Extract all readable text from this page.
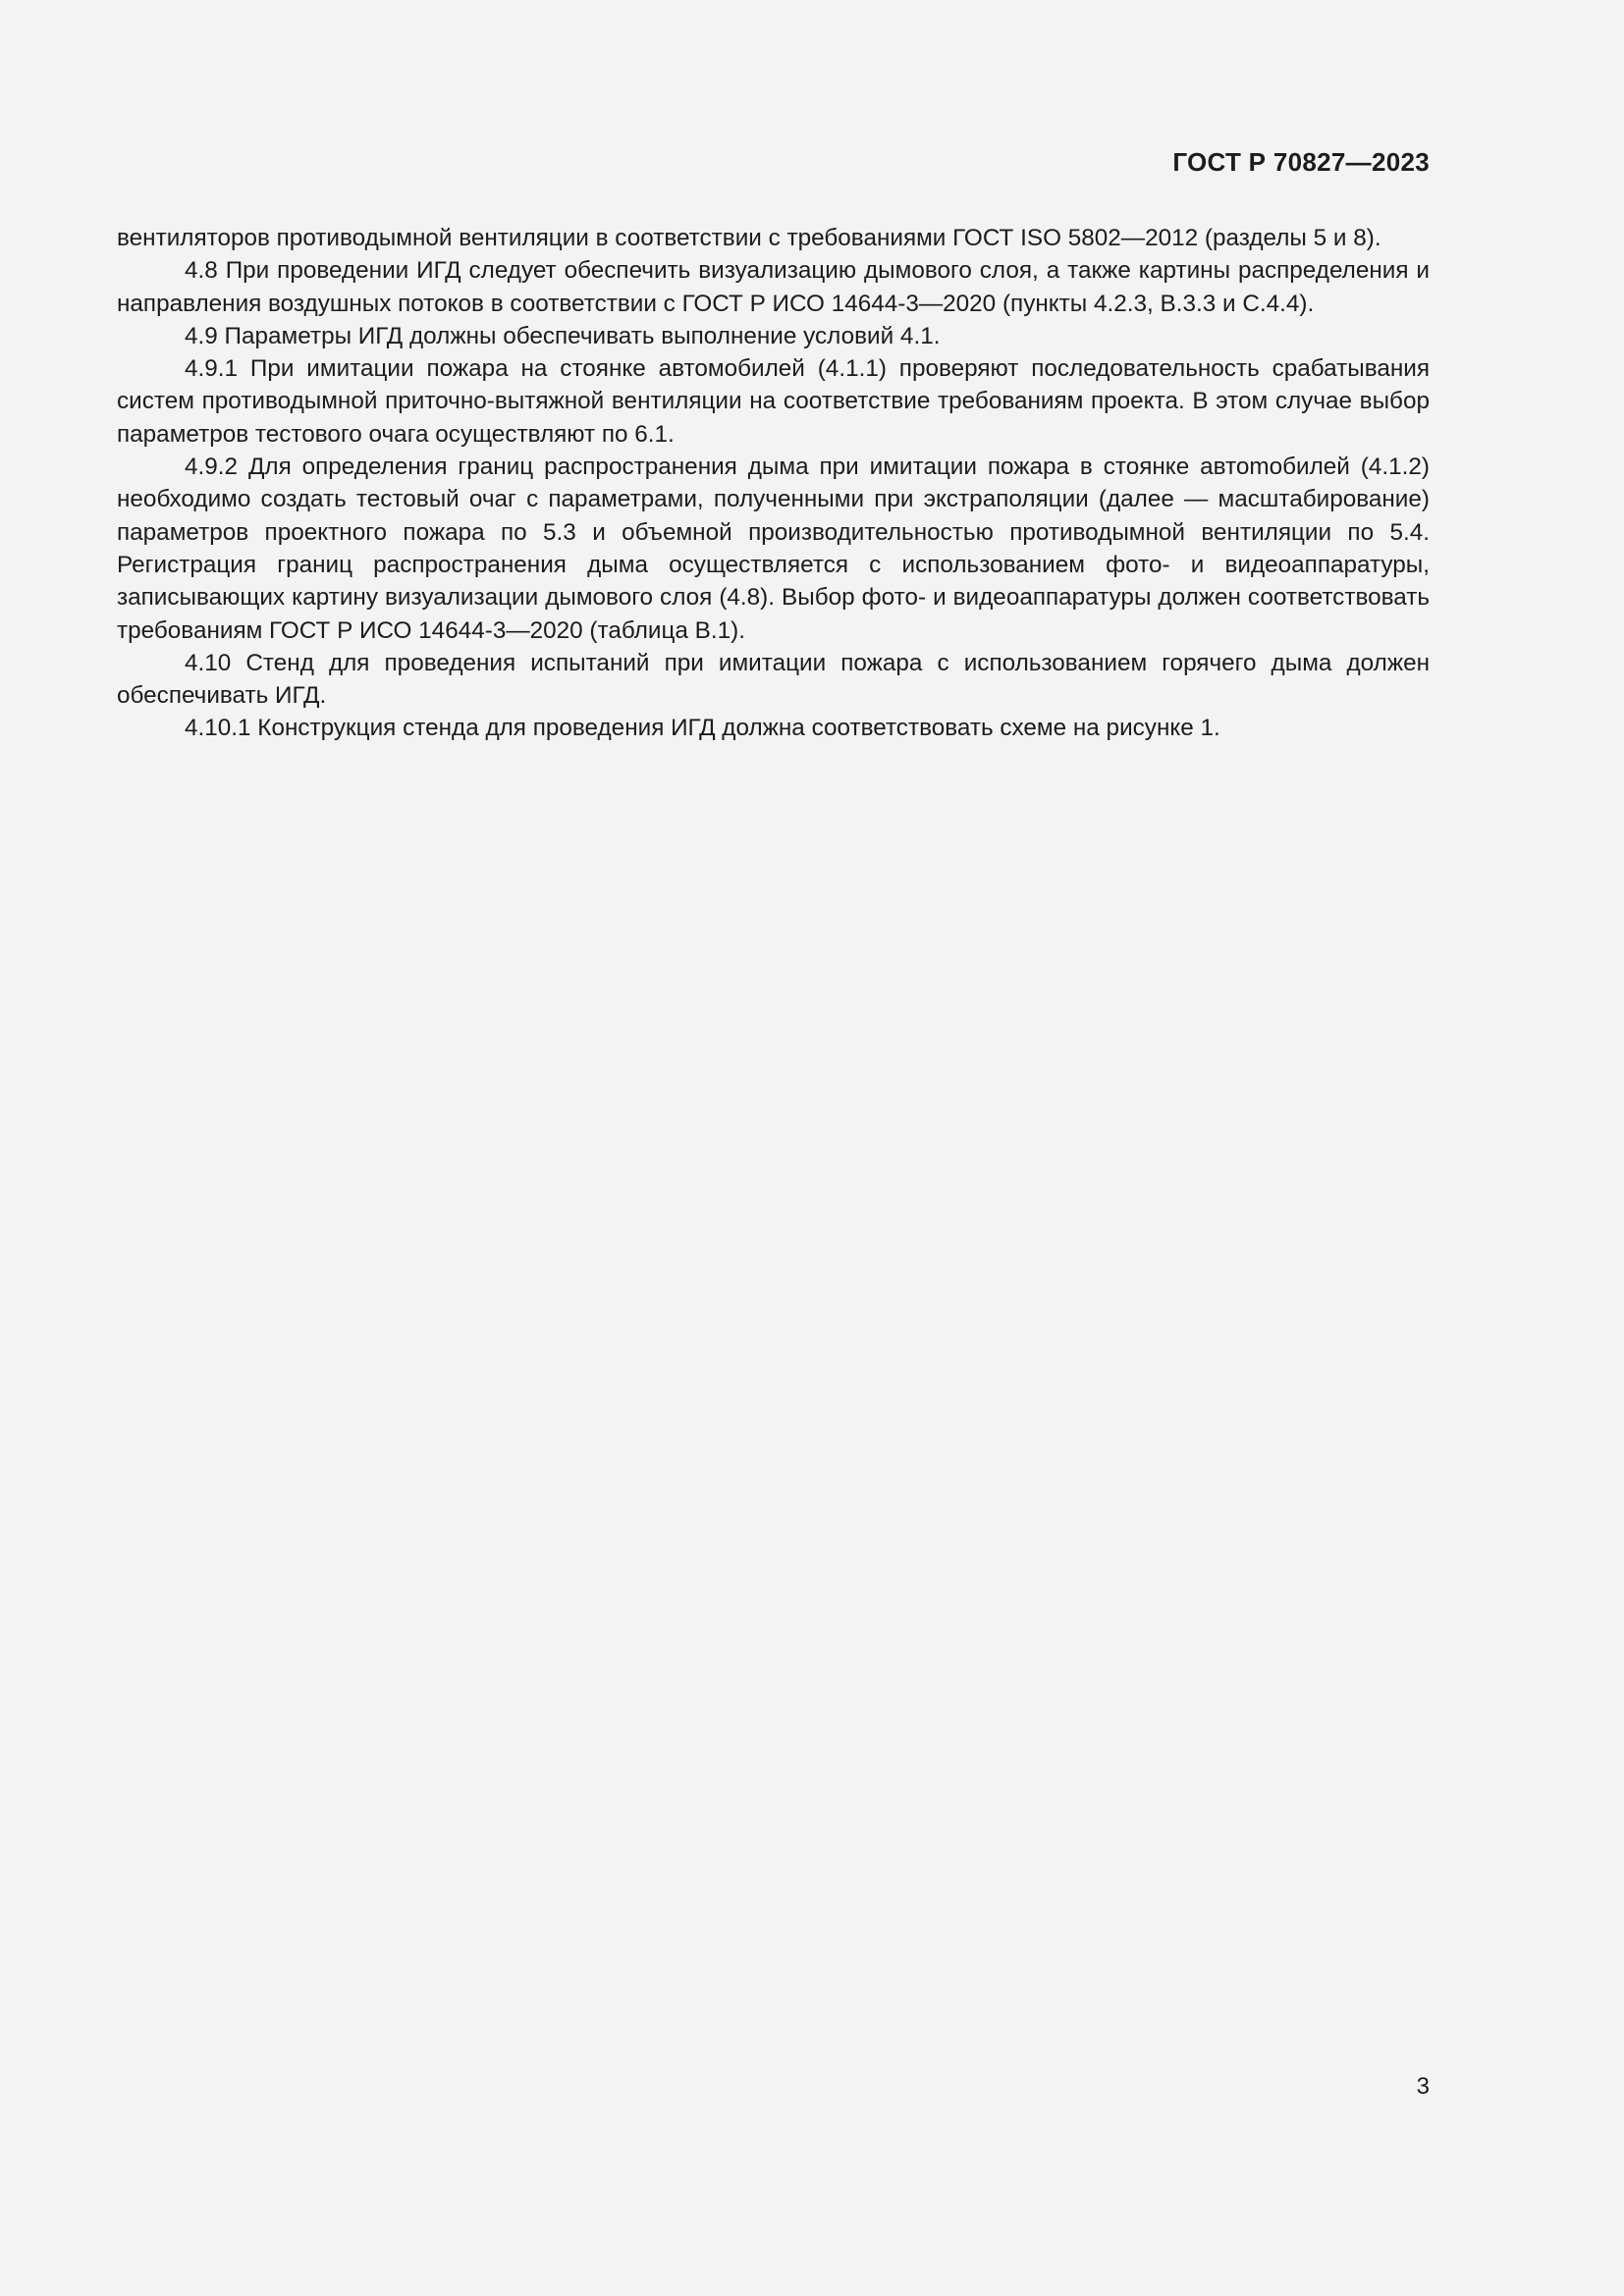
ГОСТ Р 70827—2023

вентиляторов противодымной вентиляции в соответствии с требованиями ГОСТ ISO 5802—2012 (разделы 5 и 8).

4.8 При проведении ИГД следует обеспечить визуализацию дымового слоя, а также картины распределения и направления воздушных потоков в соответствии с ГОСТ Р ИСО 14644-3—2020 (пункты 4.2.3, В.3.3 и С.4.4).

4.9 Параметры ИГД должны обеспечивать выполнение условий 4.1.

4.9.1 При имитации пожара на стоянке автомобилей (4.1.1) проверяют последовательность срабатывания систем противодымной приточно-вытяжной вентиляции на соответствие требованиям проекта. В этом случае выбор параметров тестового очага осуществляют по 6.1.

4.9.2 Для определения границ распространения дыма при имитации пожара в стоянке автоmобилей (4.1.2) необходимо создать тестовый очаг с параметрами, полученными при экстраполяции (далее — масштабирование) параметров проектного пожара по 5.3 и объемной производительностью противодымной вентиляции по 5.4. Регистрация границ распространения дыма осуществляется с использованием фото- и видеоаппаратуры, записывающих картину визуализации дымового слоя (4.8). Выбор фото- и видеоаппаратуры должен соответствовать требованиям ГОСТ Р ИСО 14644-3—2020 (таблица В.1).

4.10 Стенд для проведения испытаний при имитации пожара с использованием горячего дыма должен обеспечивать ИГД.

4.10.1 Конструкция стенда для проведения ИГД должна соответствовать схеме на рисунке 1.

3
